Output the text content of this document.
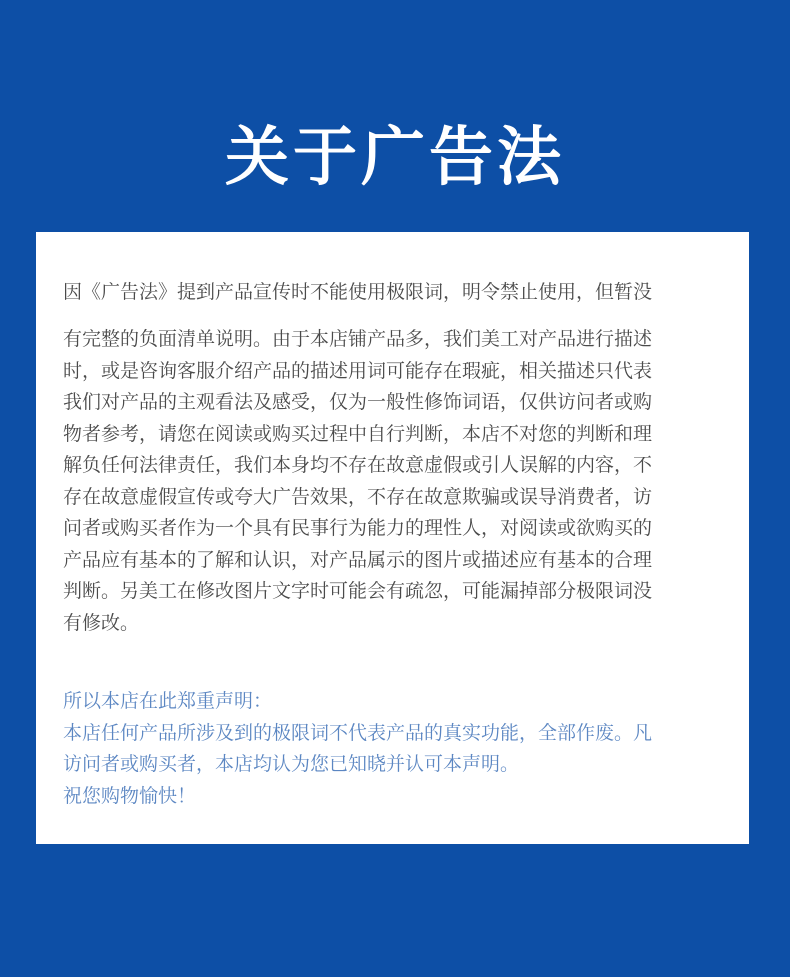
关于广告法

因《广告法》提到产品宣传时不能使用极限词，明令禁止使用，但暂没

有完整的负面清单说明。由于本店铺产品多，我们美工对产品进行描述
时，或是咨询客服介绍产品的描述用词可能存在瑕疵，相关描述只代表
我们对产品的主观看法及感受，仅为一般性修饰词语，仅供访问者或购
物者参考，请您在阅读或购买过程中自行判断，本店不对您的判断和理
解负任何法律责任，我们本身均不存在故意虚假或引人误解的内容，不
存在故意虚假宣传或夸大广告效果，不存在故意欺骗或误导消费者，访
问者或购买者作为一个具有民事行为能力的理性人，对阅读或欲购买的
产品应有基本的了解和认识，对产品属示的图片或描述应有基本的合理
判断。另美工在修改图片文字时可能会有疏忽，可能漏掉部分极限词没
有修改。

所以本店在此郑重声明：
本店任何产品所涉及到的极限词不代表产品的真实功能，全部作废。凡
访问者或购买者，本店均认为您已知晓并认可本声明。
祝您购物愉快！
